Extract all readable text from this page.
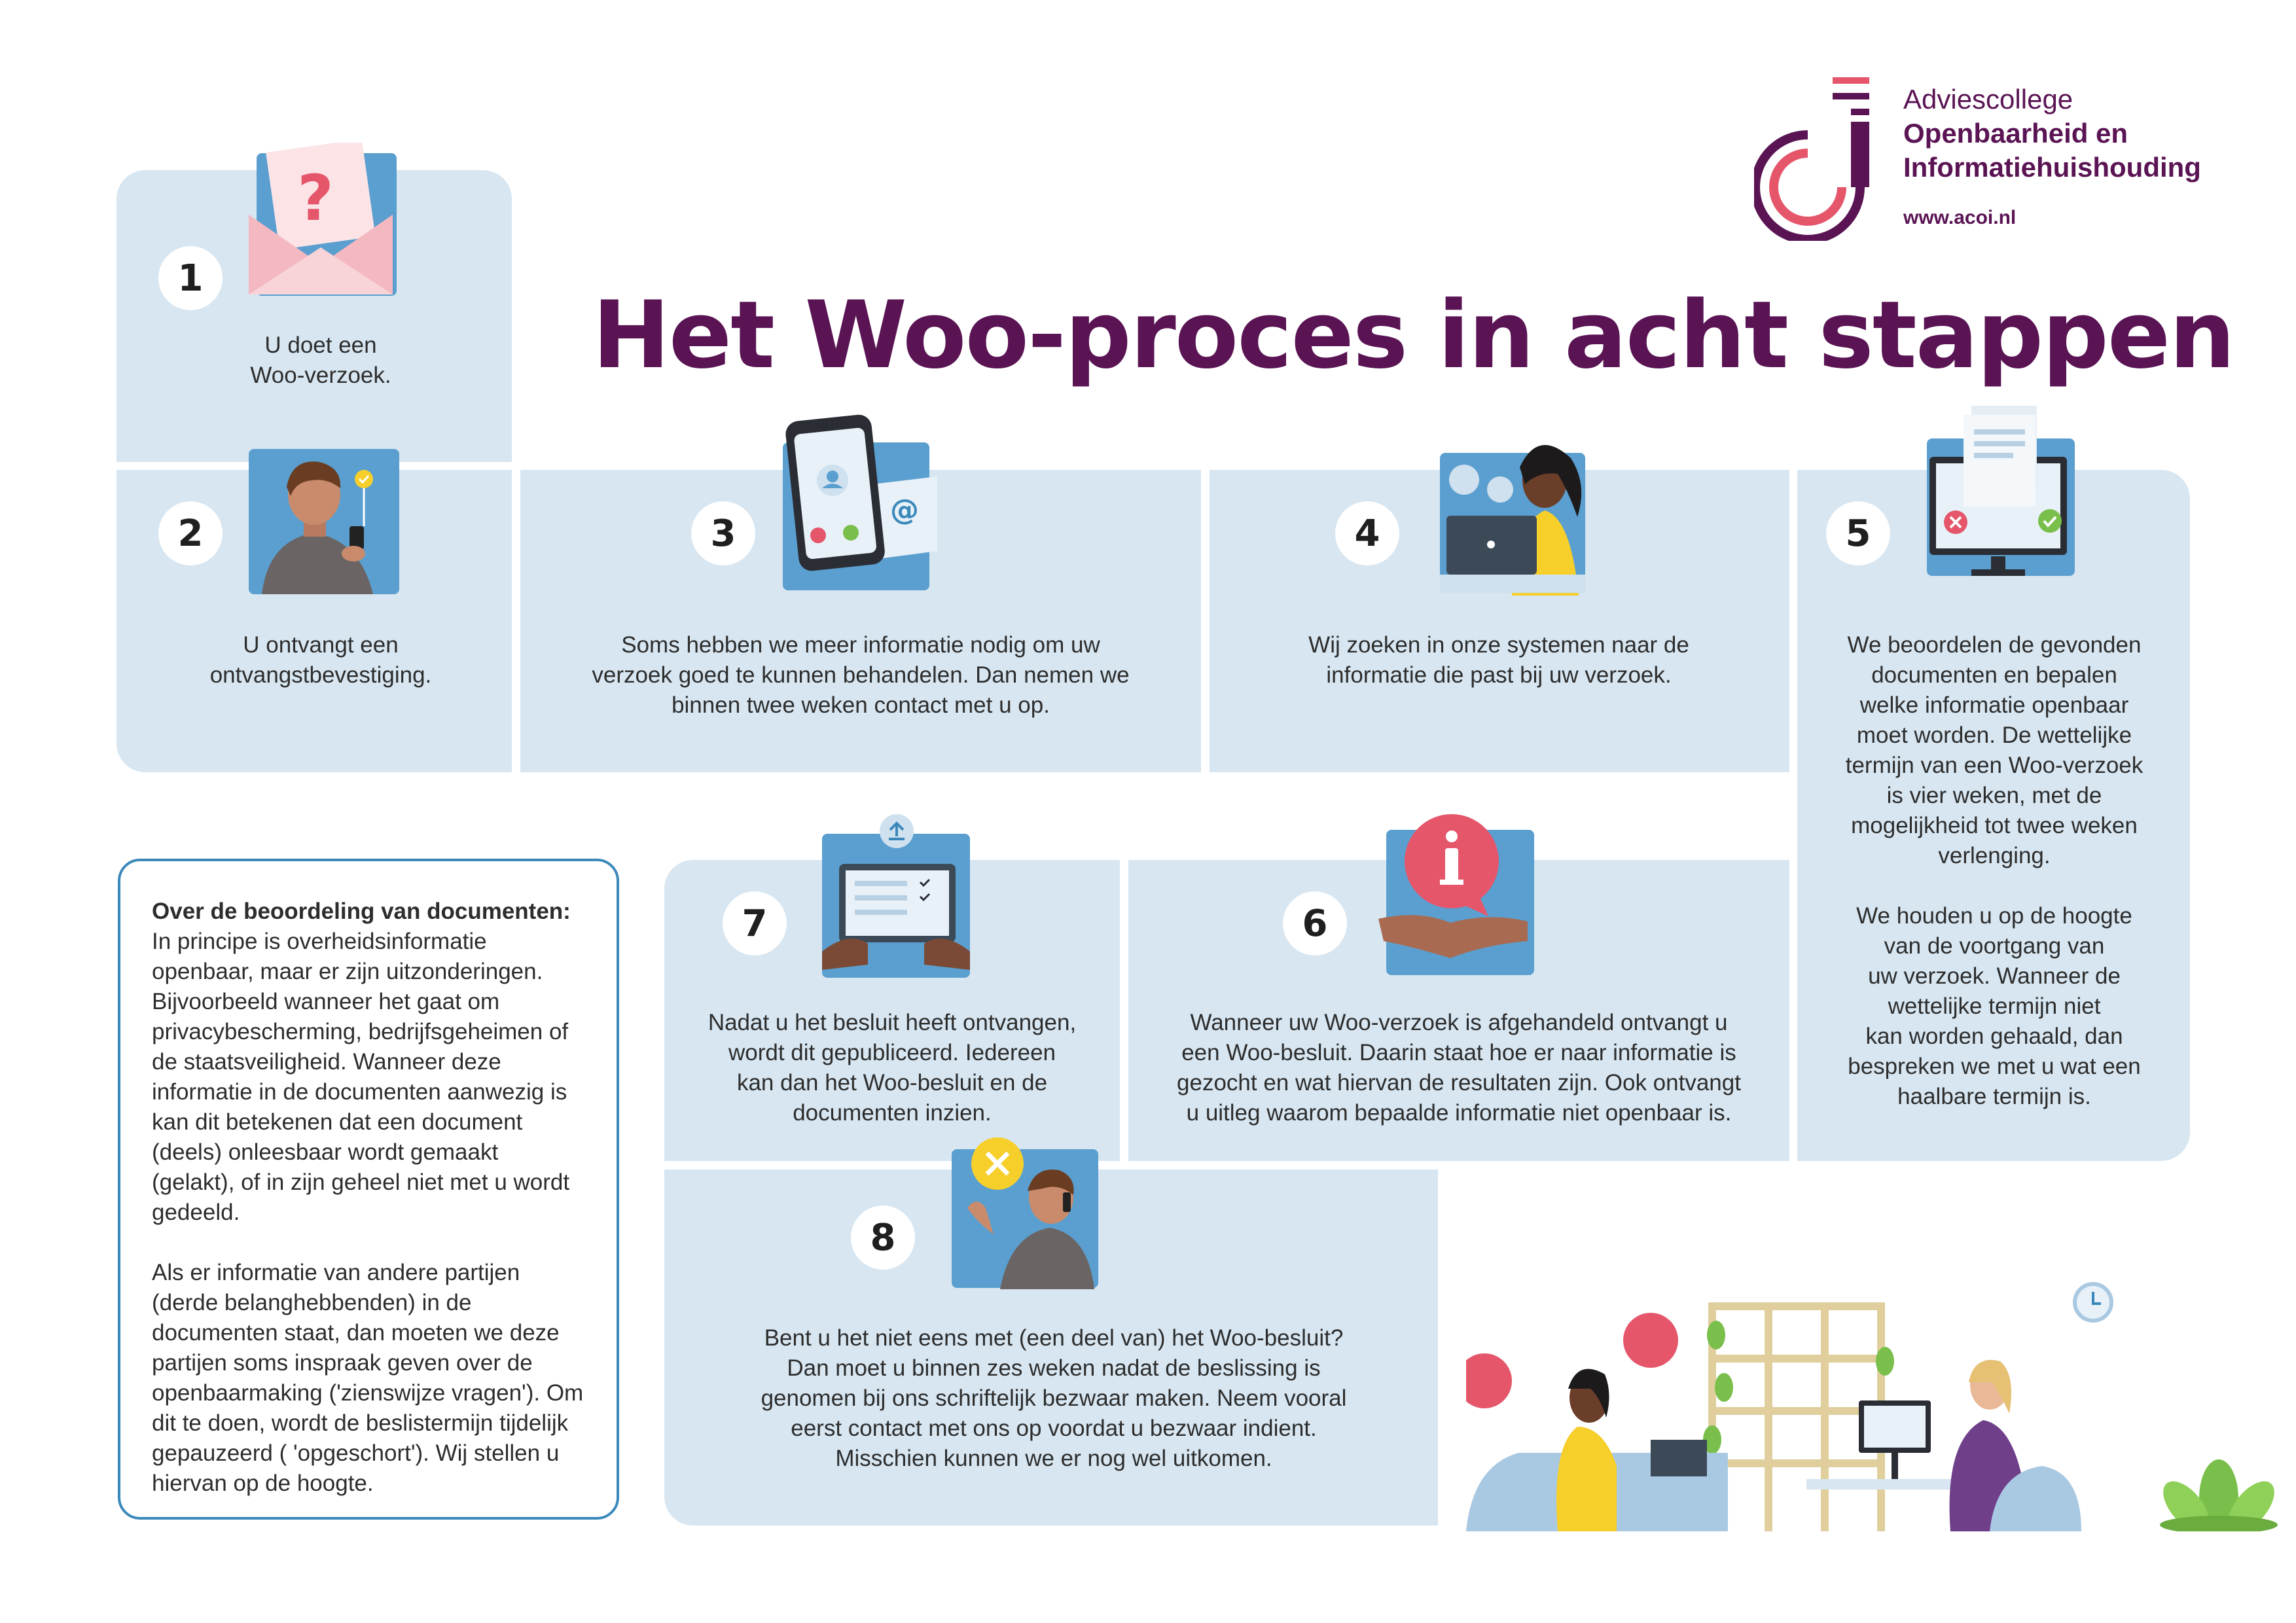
Adviescollege
Openbaarheid en
Informatiehuishouding
www.acoi.nl
Het Woo-proces in acht stappen
?
@
1
2	3	4	5
7	6
8
U doet een
Woo-verzoek.
U ontvangt een
ontvangstbevestiging.
Soms hebben we meer informatie nodig om uw
verzoek goed te kunnen behandelen. Dan nemen we
binnen twee weken contact met u op.
Wij zoeken in onze systemen naar de
informatie die past bij uw verzoek.
We beoordelen de gevonden
documenten en bepalen
welke informatie openbaar
moet worden. De wettelijke
termijn van een Woo-verzoek
is vier weken, met de
mogelijkheid tot twee weken
verlenging.

We houden u op de hoogte
van de voortgang van
uw verzoek. Wanneer de
wettelijke termijn niet
kan worden gehaald, dan
bespreken we met u wat een
haalbare termijn is.
Nadat u het besluit heeft ontvangen,
wordt dit gepubliceerd. Iedereen
kan dan het Woo-besluit en de
documenten inzien.
Wanneer uw Woo-verzoek is afgehandeld ontvangt u
een Woo-besluit. Daarin staat hoe er naar informatie is
gezocht en wat hiervan de resultaten zijn. Ook ontvangt
u uitleg waarom bepaalde informatie niet openbaar is.
Bent u het niet eens met (een deel van) het Woo-besluit?
Dan moet u binnen zes weken nadat de beslissing is
genomen bij ons schriftelijk bezwaar maken. Neem vooral
eerst contact met ons op voordat u bezwaar indient.
Misschien kunnen we er nog wel uitkomen.

Over de beoordeling van documenten:
In principe is overheidsinformatie openbaar, maar er zijn uitzonderingen. Bijvoorbeeld wanneer het gaat om privacybescherming, bedrijfsgeheimen of de staatsveiligheid. Wanneer deze informatie in de documenten aanwezig is kan dit betekenen dat een document (deels) onleesbaar wordt gemaakt (gelakt), of in zijn geheel niet met u wordt gedeeld.

Als er informatie van andere partijen (derde belanghebbenden) in de documenten staat, dan moeten we deze partijen soms inspraak geven over de openbaarmaking ('zienswijze vragen'). Om dit te doen, wordt de beslistermijn tijdelijk gepauzeerd ( 'opgeschort'). Wij stellen u hiervan op de hoogte.
